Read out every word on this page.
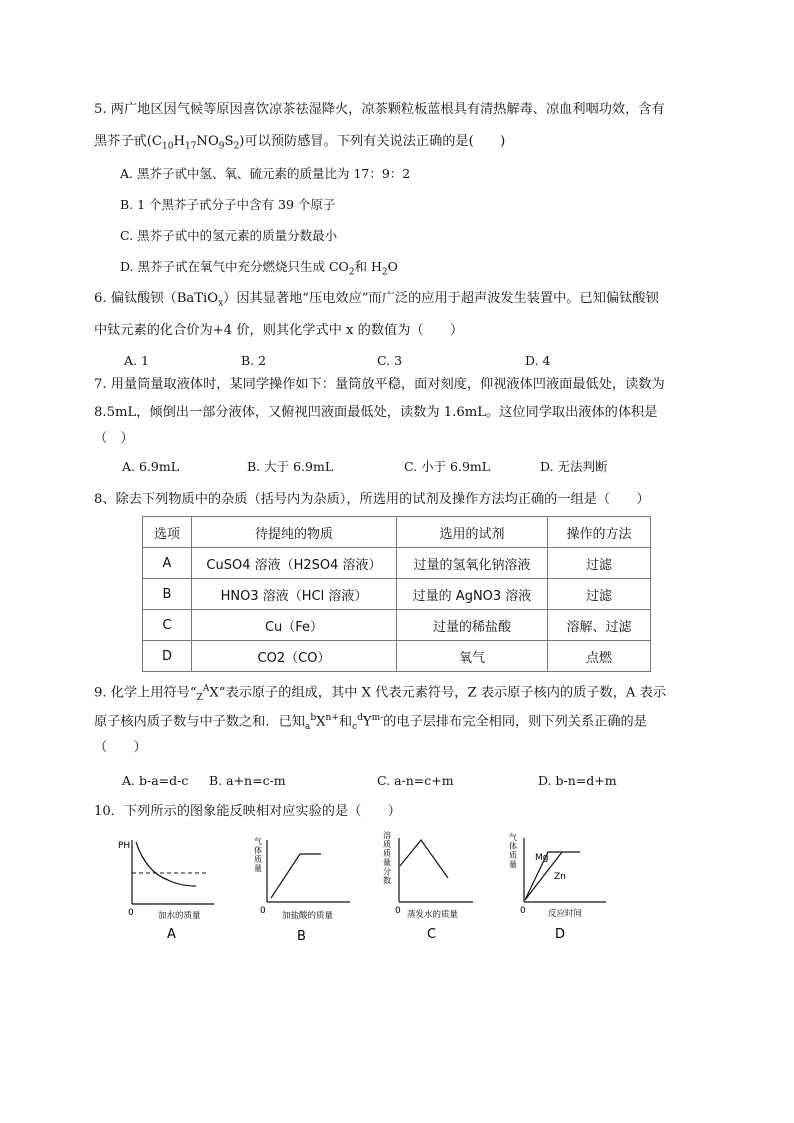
5. 两广地区因气候等原因喜饮凉茶祛湿降火，凉茶颗粒板蓝根具有清热解毒、凉血利咽功效，含有
黑芥子甙$(C_{10}H_{17}NO_9S_2)$可以预防感冒。下列有关说法正确的是(　　)
A. 黑芥子甙中氢、氧、硫元素的质量比为 17：9：2
B. 1 个黑芥子甙分子中含有 39 个原子
C. 黑芥子甙中的氢元素的质量分数最小
D. 黑芥子甙在氧气中充分燃烧只生成 $CO_2$和 $H_2O$
6. 偏钛酸钡（BaTiO$_x$）因其显著地“压电效应”而广泛的应用于超声波发生装置中。已知偏钛酸钡
中钛元素的化合价为+4 价，则其化学式中 x 的数值为（　　）
A. 1	B. 2	C. 3	D. 4
7. 用量筒量取液体时，某同学操作如下：量筒放平稳，面对刻度，仰视液体凹液面最低处，读数为
8.5mL，倾倒出一部分液体，又俯视凹液面最低处，读数为 1.6mL。这位同学取出液体的体积是
（　）
A. 6.9mL	B. 大于 6.9mL	C. 小于 6.9mL	D. 无法判断
8、除去下列物质中的杂质（括号内为杂质），所选用的试剂及操作方法均正确的一组是（　　）
选项	待提纯的物质	选用的试剂	操作的方法
A	CuSO4 溶液（H2SO4 溶液）	过量的氢氧化钠溶液	过滤
B	HNO3 溶液（HCl 溶液）	过量的 AgNO3 溶液	过滤
C	Cu（Fe）	过量的稀盐酸	溶解、过滤
D	CO2（CO）	氧气	点燃
9. 化学上用符号“$_Z^AX$”表示原子的组成，其中 X 代表元素符号，Z 表示原子核内的质子数，A 表示
原子核内质子数与中子数之和．已知$_a^bX^{n+}$和$_c^dY^{m-}$的电子层排布完全相同，则下列关系正确的是
（　　）
A. b-a=d-c B. a+n=c-m	C. a-n=c+m	D. b-n=d+m
10．下列所示的图象能反映相对应实验的是（　　）
PH
0	加水的质量
A
气
体
质
量
0 加盐酸的质量
B
溶
质
质
量
分
数
0 蒸发水的质量
C
气
体
质
量
Mg
Zn
0	反应时间
D
